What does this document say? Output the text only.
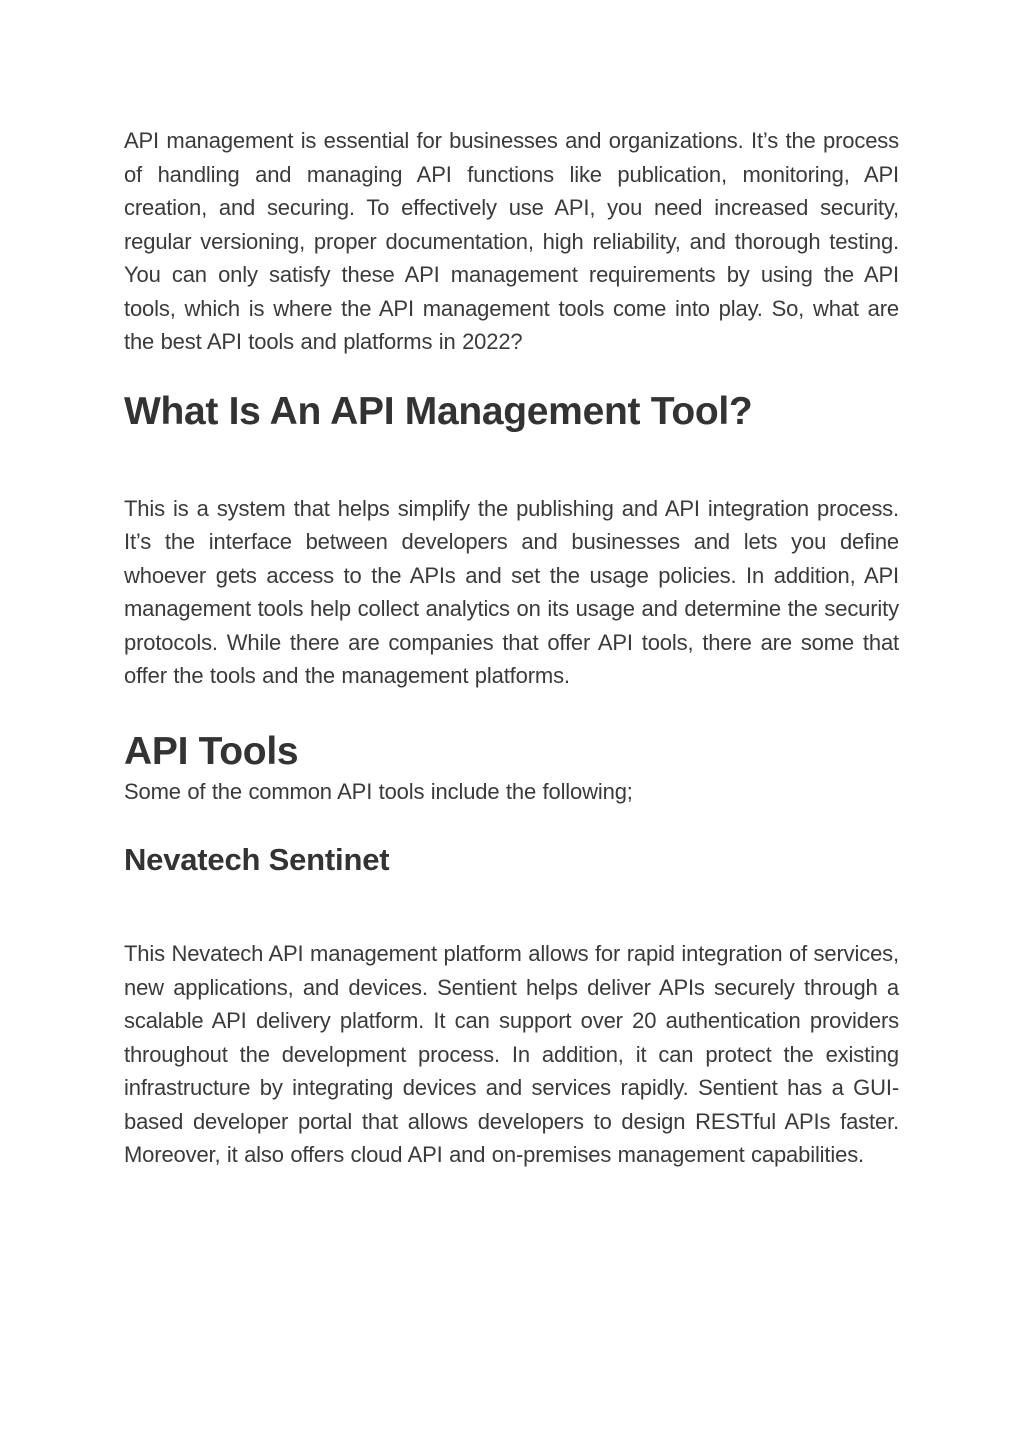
API management is essential for businesses and organizations. It’s the process of handling and managing API functions like publication, monitoring, API creation, and securing. To effectively use API, you need increased security, regular versioning, proper documentation, high reliability, and thorough testing. You can only satisfy these API management requirements by using the API tools, which is where the API management tools come into play. So, what are the best API tools and platforms in 2022?

What Is An API Management Tool?

This is a system that helps simplify the publishing and API integration process. It’s the interface between developers and businesses and lets you define whoever gets access to the APIs and set the usage policies. In addition, API management tools help collect analytics on its usage and determine the security protocols. While there are companies that offer API tools, there are some that offer the tools and the management platforms.

API Tools

Some of the common API tools include the following;

Nevatech Sentinet

This Nevatech API management platform allows for rapid integration of services, new applications, and devices. Sentient helps deliver APIs securely through a scalable API delivery platform. It can support over 20 authentication providers throughout the development process. In addition, it can protect the existing infrastructure by integrating devices and services rapidly. Sentient has a GUI-based developer portal that allows developers to design RESTful APIs faster. Moreover, it also offers cloud API and on-premises management capabilities.
